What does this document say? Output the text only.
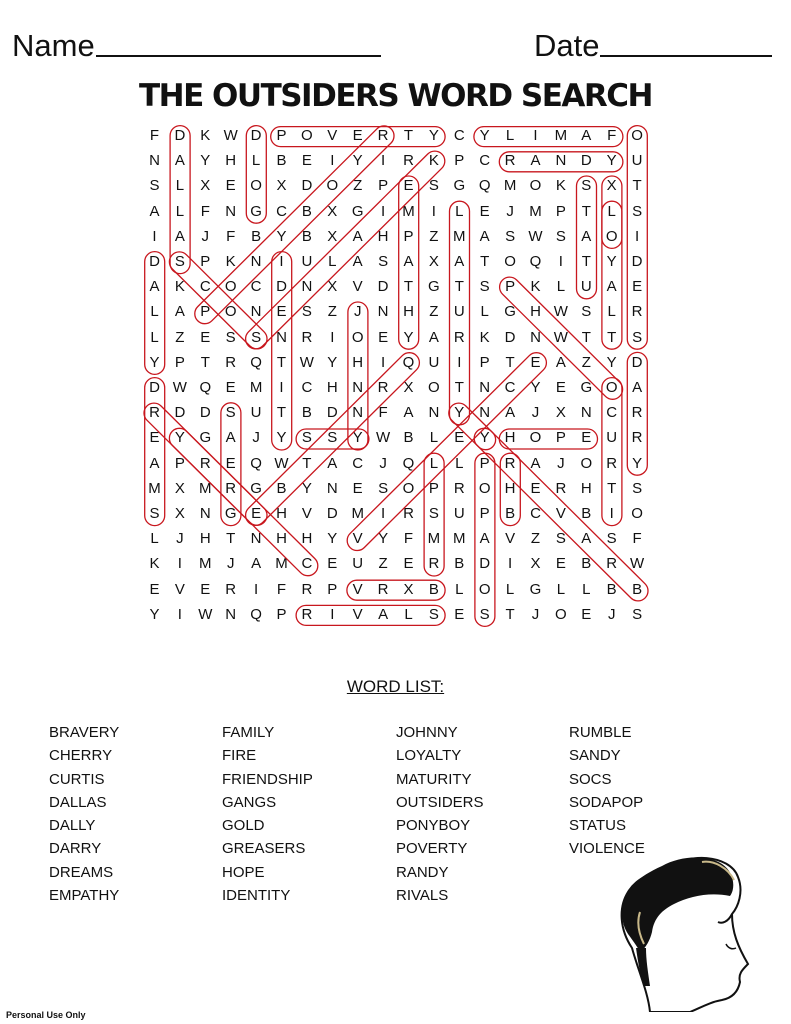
Name	Date
THE OUTSIDERS WORD SEARCH
F	D K W D P O V	E R	T	Y C Y	L	I	M A	F O
N A	Y H	L	B	E	I	Y	I	R K	P C R A N D Y U
S	L	X	E O X D O Z	P	E	S G Q M O K	S	X	T
A	L	F	N G C B	X G	I	M	I	L	E	J	M P	T	L	S
I	A	J	F	B	Y	B	X	A H P	Z M A	S W S	A O	I
D S	P	K N	I	U	L	A	S	A	X	A	T O Q	I	T	Y D
A	K C O C D N X	V D	T G T	S	P	K	L	U A	E
L	A	P O N E	S	Z	J	N H	Z	U	L	G H W S	L	R
L	Z	E	S	S N R	I	O E	Y	A R K D N W T	T	S
Y	P	T	R Q T W Y H	I	Q U	I	P	T	E	A	Z	Y D
D W Q E M	I	C H N R X O T	N C Y	E G O A
R D D S U	T	B D N	F	A N Y N A	J	X N C R
E	Y G A	J	Y	S	S	Y W B	L	E	Y H O P	E U R
A	P R E Q W T	A C	J	Q	L	L	P R A	J	O R Y
M X M R G B	Y N E	S O P R O H E R H	T	S
S	X N G E H V D M	I	R S U P	B C V	B	I	O
L	J	H	T	N H H Y	V	Y	F M M A	V	Z	S	A	S	F
K	I	M	J	A M C E U	Z	E R B D	I	X	E	B R W
E	V	E R	I	F	R P	V R X	B	L	O	L	G	L	L	B	B
Y	I	W N Q P R	I	V	A	L	S	E	S	T	J	O E	J	S
WORD LIST:
BRAVERY
CHERRY
CURTIS
DALLAS
DALLY
DARRY
DREAMS
EMPATHY
FAMILY
FIRE
FRIENDSHIP
GANGS
GOLD
GREASERS
HOPE
IDENTITY
JOHNNY
LOYALTY
MATURITY
OUTSIDERS
PONYBOY
POVERTY
RANDY
RIVALS
RUMBLE
SANDY
SOCS
SODAPOP
STATUS
VIOLENCE
Personal Use Only
